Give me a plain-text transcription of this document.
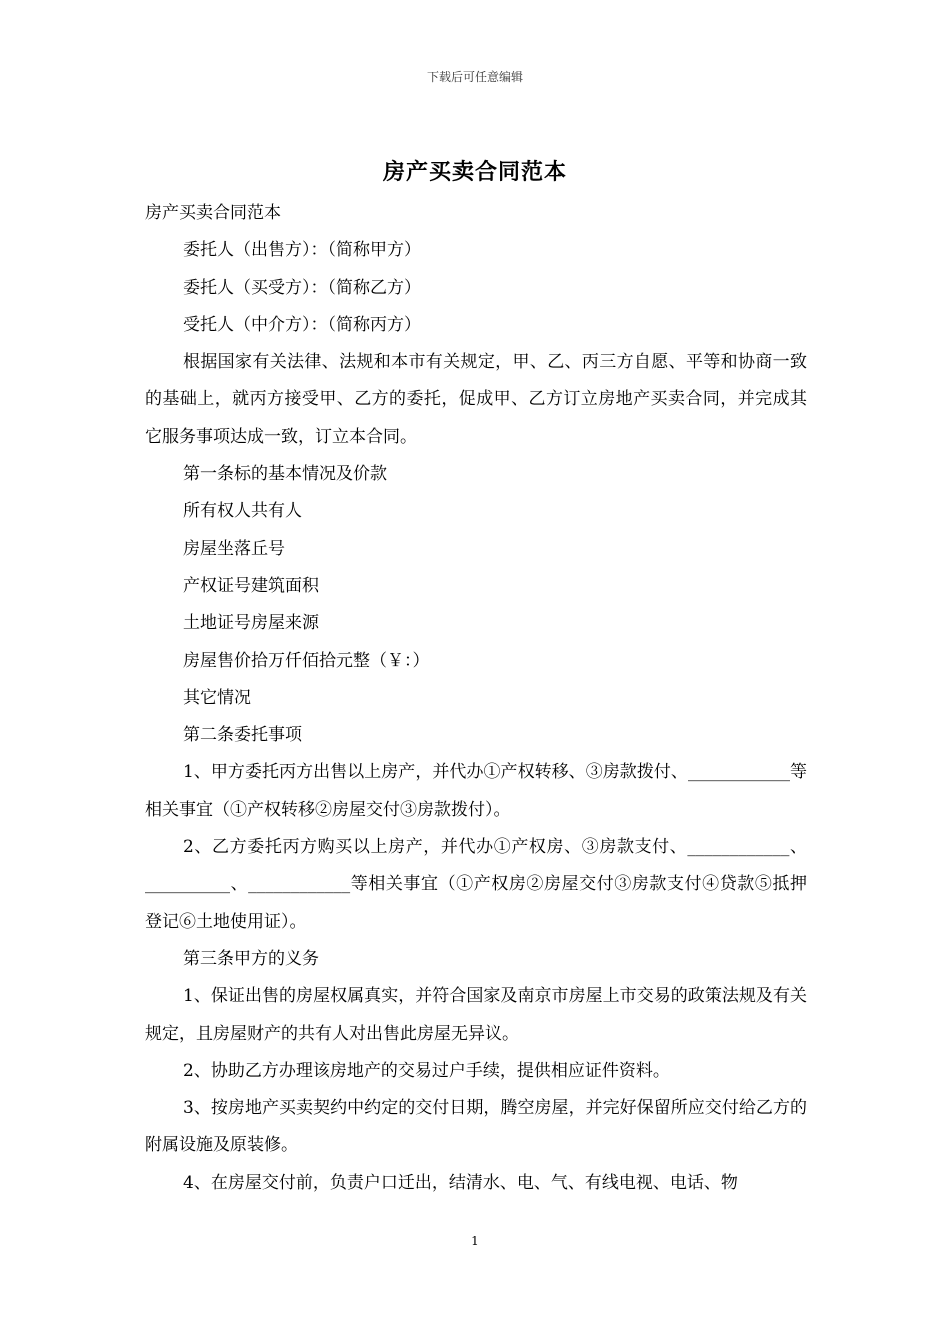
下载后可任意编辑
房产买卖合同范本

房产买卖合同范本

委托人（出售方）：（简称甲方）

委托人（买受方）：（简称乙方）

受托人（中介方）：（简称丙方）

根据国家有关法律、法规和本市有关规定，甲、乙、丙三方自愿、平等和协商一致的基础上，就丙方接受甲、乙方的委托，促成甲、乙方订立房地产买卖合同，并完成其它服务事项达成一致，订立本合同。

第一条标的基本情况及价款

所有权人共有人

房屋坐落丘号

产权证号建筑面积

土地证号房屋来源

房屋售价拾万仟佰拾元整（￥：）

其它情况

第二条委托事项

1、甲方委托丙方出售以上房产，并代办①产权转移、③房款拨付、____________等相关事宜（①产权转移②房屋交付③房款拨付）。

2、乙方委托丙方购买以上房产，并代办①产权房、③房款支付、____________、__________、____________等相关事宜（①产权房②房屋交付③房款支付④贷款⑤抵押登记⑥土地使用证）。

第三条甲方的义务

1、保证出售的房屋权属真实，并符合国家及南京市房屋上市交易的政策法规及有关规定，且房屋财产的共有人对出售此房屋无异议。

2、协助乙方办理该房地产的交易过户手续，提供相应证件资料。

3、按房地产买卖契约中约定的交付日期，腾空房屋，并完好保留所应交付给乙方的附属设施及原装修。

4、在房屋交付前，负责户口迁出，结清水、电、气、有线电视、电话、物

1
